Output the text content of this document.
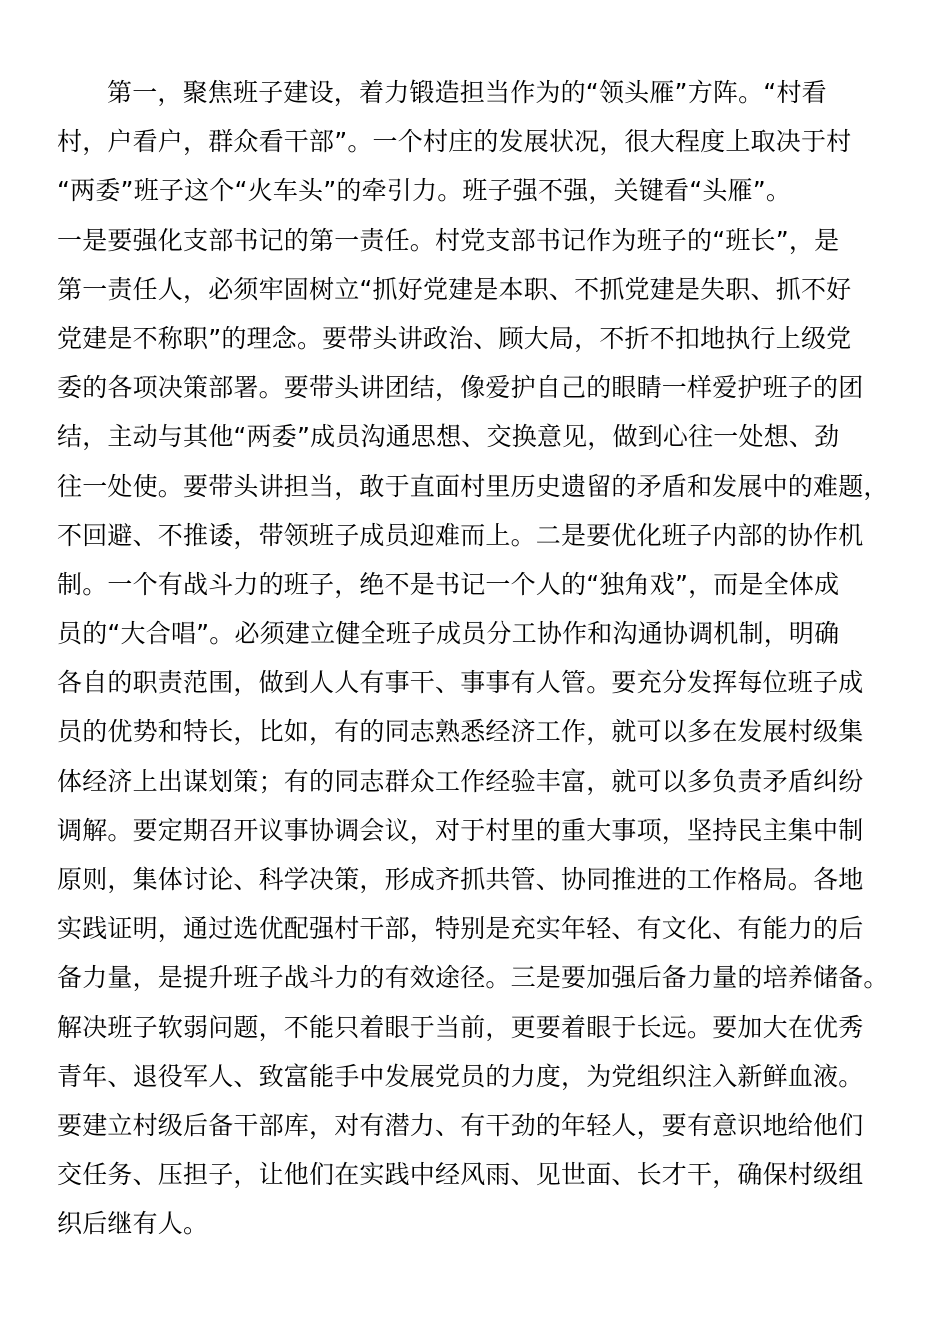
第一，聚焦班子建设，着力锻造担当作为的“领头雁”方阵。“村看
村，户看户，群众看干部”。一个村庄的发展状况，很大程度上取决于村
“两委”班子这个“火车头”的牵引力。班子强不强，关键看“头雁”。
一是要强化支部书记的第一责任。村党支部书记作为班子的“班长”，是
第一责任人，必须牢固树立“抓好党建是本职、不抓党建是失职、抓不好
党建是不称职”的理念。要带头讲政治、顾大局，不折不扣地执行上级党
委的各项决策部署。要带头讲团结，像爱护自己的眼睛一样爱护班子的团
结，主动与其他“两委”成员沟通思想、交换意见，做到心往一处想、劲
往一处使。要带头讲担当，敢于直面村里历史遗留的矛盾和发展中的难题，
不回避、不推诿，带领班子成员迎难而上。二是要优化班子内部的协作机
制。一个有战斗力的班子，绝不是书记一个人的“独角戏”，而是全体成
员的“大合唱”。必须建立健全班子成员分工协作和沟通协调机制，明确
各自的职责范围，做到人人有事干、事事有人管。要充分发挥每位班子成
员的优势和特长，比如，有的同志熟悉经济工作，就可以多在发展村级集
体经济上出谋划策；有的同志群众工作经验丰富，就可以多负责矛盾纠纷
调解。要定期召开议事协调会议，对于村里的重大事项，坚持民主集中制
原则，集体讨论、科学决策，形成齐抓共管、协同推进的工作格局。各地
实践证明，通过选优配强村干部，特别是充实年轻、有文化、有能力的后
备力量，是提升班子战斗力的有效途径。三是要加强后备力量的培养储备。
解决班子软弱问题，不能只着眼于当前，更要着眼于长远。要加大在优秀
青年、退役军人、致富能手中发展党员的力度，为党组织注入新鲜血液。
要建立村级后备干部库，对有潜力、有干劲的年轻人，要有意识地给他们
交任务、压担子，让他们在实践中经风雨、见世面、长才干，确保村级组
织后继有人。
